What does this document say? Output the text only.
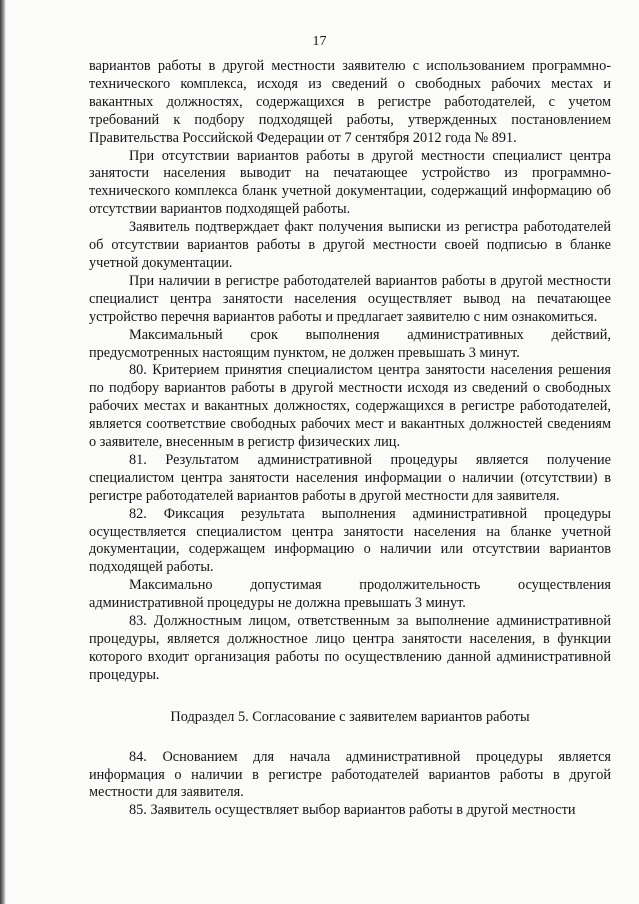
17

вариантов работы в другой местности заявителю с использованием программно-технического комплекса, исходя из сведений о свободных рабочих местах и вакантных должностях, содержащихся в регистре работодателей, с учетом требований к подбору подходящей работы, утвержденных постановлением Правительства Российской Федерации от 7 сентября 2012 года № 891.

При отсутствии вариантов работы в другой местности специалист центра занятости населения выводит на печатающее устройство из программно-технического комплекса бланк учетной документации, содержащий информацию об отсутствии вариантов подходящей работы.

Заявитель подтверждает факт получения выписки из регистра работодателей об отсутствии вариантов работы в другой местности своей подписью в бланке учетной документации.

При наличии в регистре работодателей вариантов работы в другой местности специалист центра занятости населения осуществляет вывод на печатающее устройство перечня вариантов работы и предлагает заявителю с ним ознакомиться.

Максимальный срок выполнения административных действий, предусмотренных настоящим пунктом, не должен превышать 3 минут.

80. Критерием принятия специалистом центра занятости населения решения по подбору вариантов работы в другой местности исходя из сведений о свободных рабочих местах и вакантных должностях, содержащихся в регистре работодателей, является соответствие свободных рабочих мест и вакантных должностей сведениям о заявителе, внесенным в регистр физических лиц.

81. Результатом административной процедуры является получение специалистом центра занятости населения информации о наличии (отсутствии) в регистре работодателей вариантов работы в другой местности для заявителя.

82. Фиксация результата выполнения административной процедуры осуществляется специалистом центра занятости населения на бланке учетной документации, содержащем информацию о наличии или отсутствии вариантов подходящей работы.

Максимально допустимая продолжительность осуществления административной процедуры не должна превышать 3 минут.

83. Должностным лицом, ответственным за выполнение административной процедуры, является должностное лицо центра занятости населения, в функции которого входит организация работы по осуществлению данной административной процедуры.

Подраздел 5. Согласование с заявителем вариантов работы

84. Основанием для начала административной процедуры является информация о наличии в регистре работодателей вариантов работы в другой местности для заявителя.

85. Заявитель осуществляет выбор вариантов работы в другой местности
